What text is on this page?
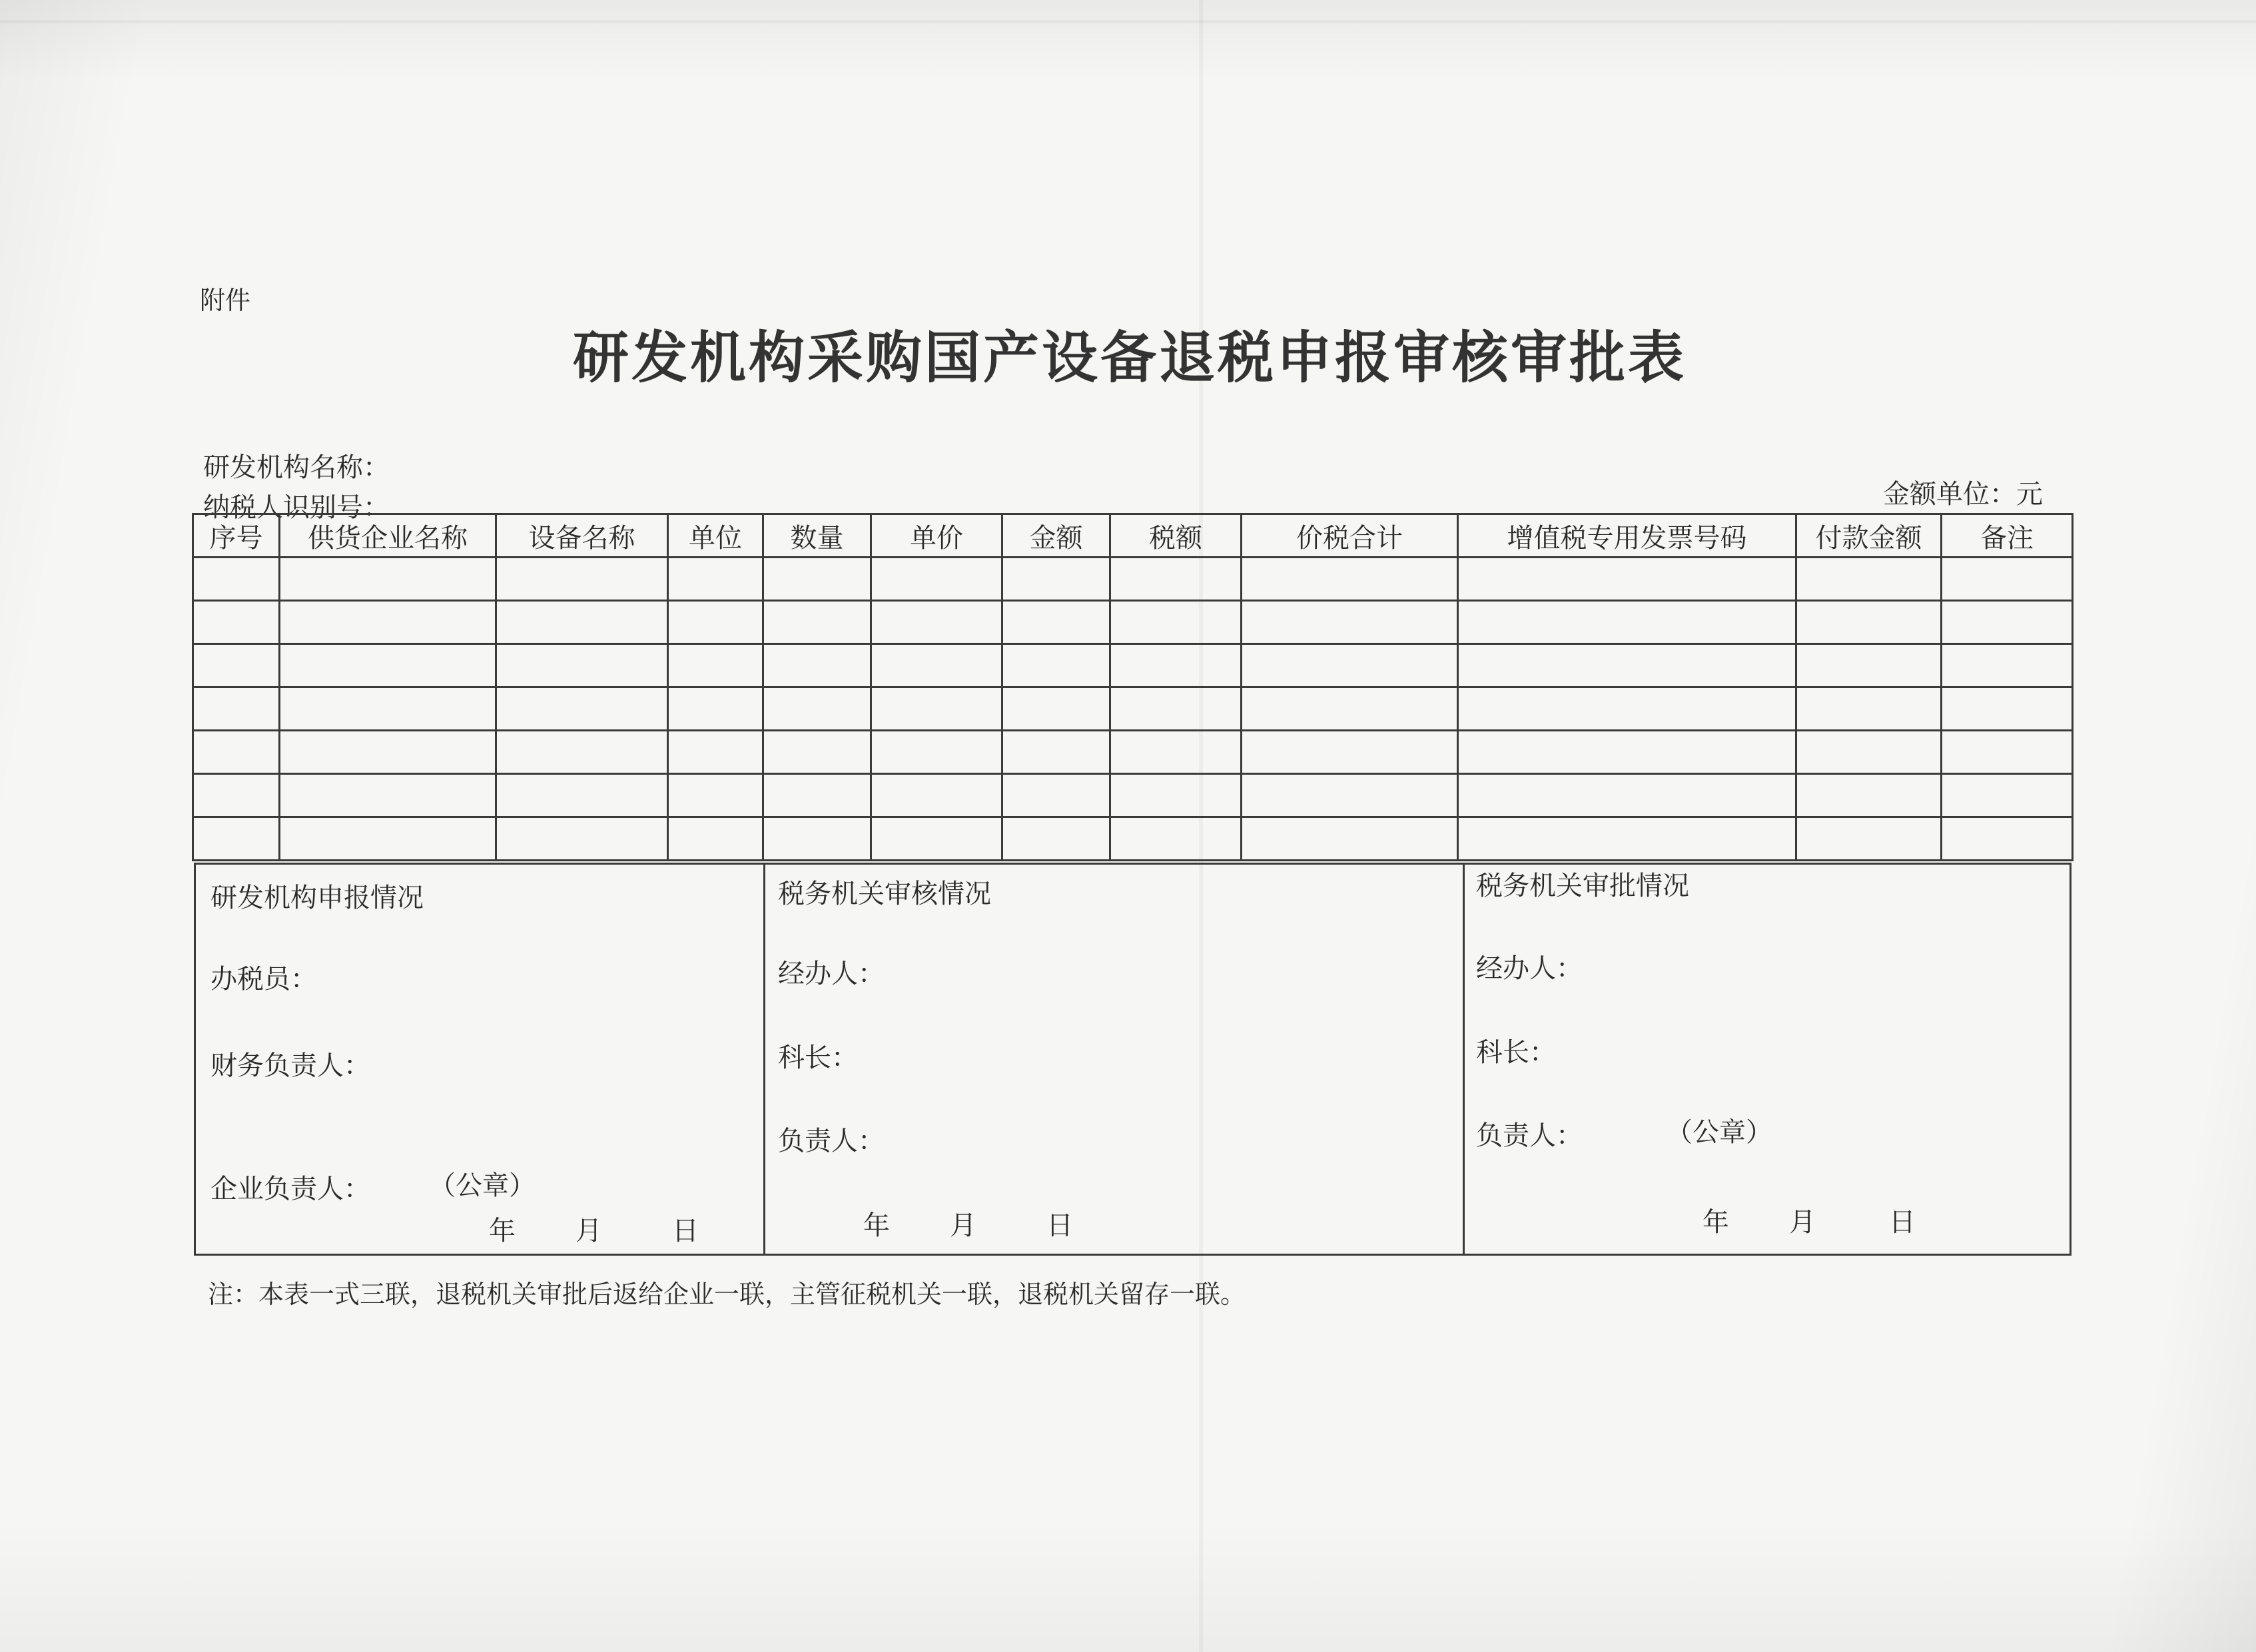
附件
研发机构采购国产设备退税申报审核审批表
研发机构名称：
纳税人识别号：	金额单位：元
序号	供货企业名称	设备名称	单位	数量	单价	金额	税额	价税合计	增值税专用发票号码	付款金额	备注

研发机构申报情况
办税员：
财务负责人：
企业负责人： （公章）
年 月	日
税务机关审核情况
经办人：
科长：
负责人：
年 月	日
税务机关审批情况
经办人：
科长：
负责人：	（公章）
年 月	日
注：本表一式三联，退税机关审批后返给企业一联，主管征税机关一联，退税机关留存一联。
